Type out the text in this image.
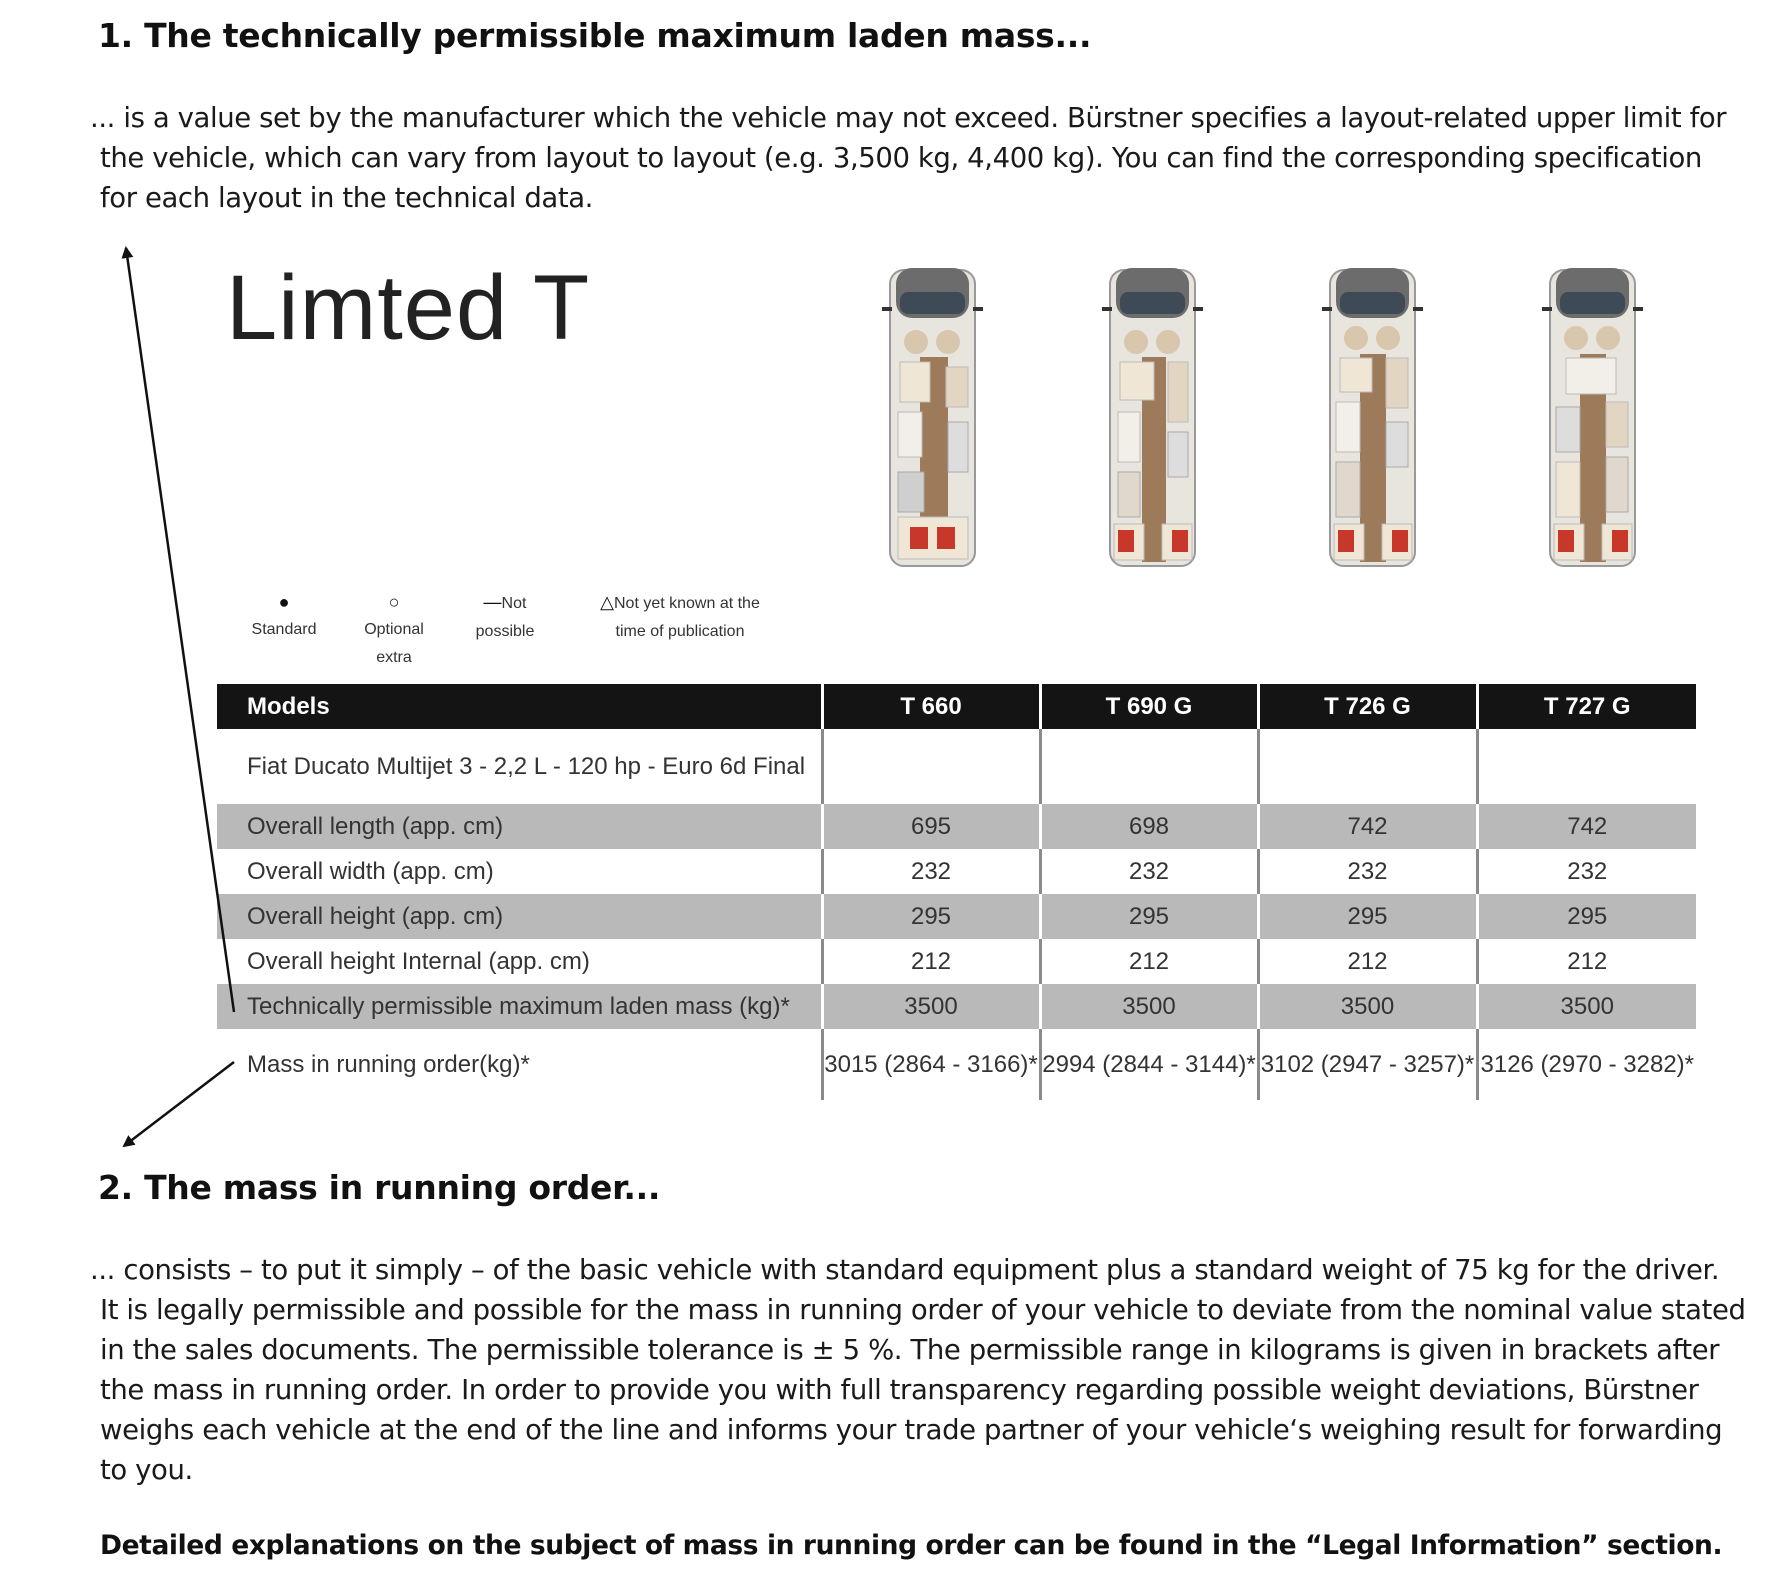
1. The technically permissible maximum laden mass...
... is a value set by the manufacturer which the vehicle may not exceed. Bürstner specifies a layout-related upper limit for
the vehicle, which can vary from layout to layout (e.g. 3,500 kg, 4,400 kg). You can find the corresponding specification
for each layout in the technical data.
Limted T
●
Standard
○
Optional
extra
—Not
possible
△Not yet known at the
time of publication
Models	T 660	T 690 G	T 726 G	T 727 G
Fiat Ducato Multijet 3 - 2,2 L - 120 hp - Euro 6d Final				
Overall length (app. cm)	695	698	742	742
Overall width (app. cm)	232	232	232	232
Overall height (app. cm)	295	295	295	295
Overall height Internal (app. cm)	212	212	212	212
Technically permissible maximum laden mass (kg)*	3500	3500	3500	3500
Mass in running order(kg)*	3015 (2864 - 3166)*	2994 (2844 - 3144)*	3102 (2947 - 3257)*	3126 (2970 - 3282)*
2. The mass in running order...
... consists – to put it simply – of the basic vehicle with standard equipment plus a standard weight of 75 kg for the driver.
It is legally permissible and possible for the mass in running order of your vehicle to deviate from the nominal value stated
in the sales documents. The permissible tolerance is ± 5 %. The permissible range in kilograms is given in brackets after
the mass in running order. In order to provide you with full transparency regarding possible weight deviations, Bürstner
weighs each vehicle at the end of the line and informs your trade partner of your vehicle‘s weighing result for forwarding
to you.
Detailed explanations on the subject of mass in running order can be found in the “Legal Information” section.
